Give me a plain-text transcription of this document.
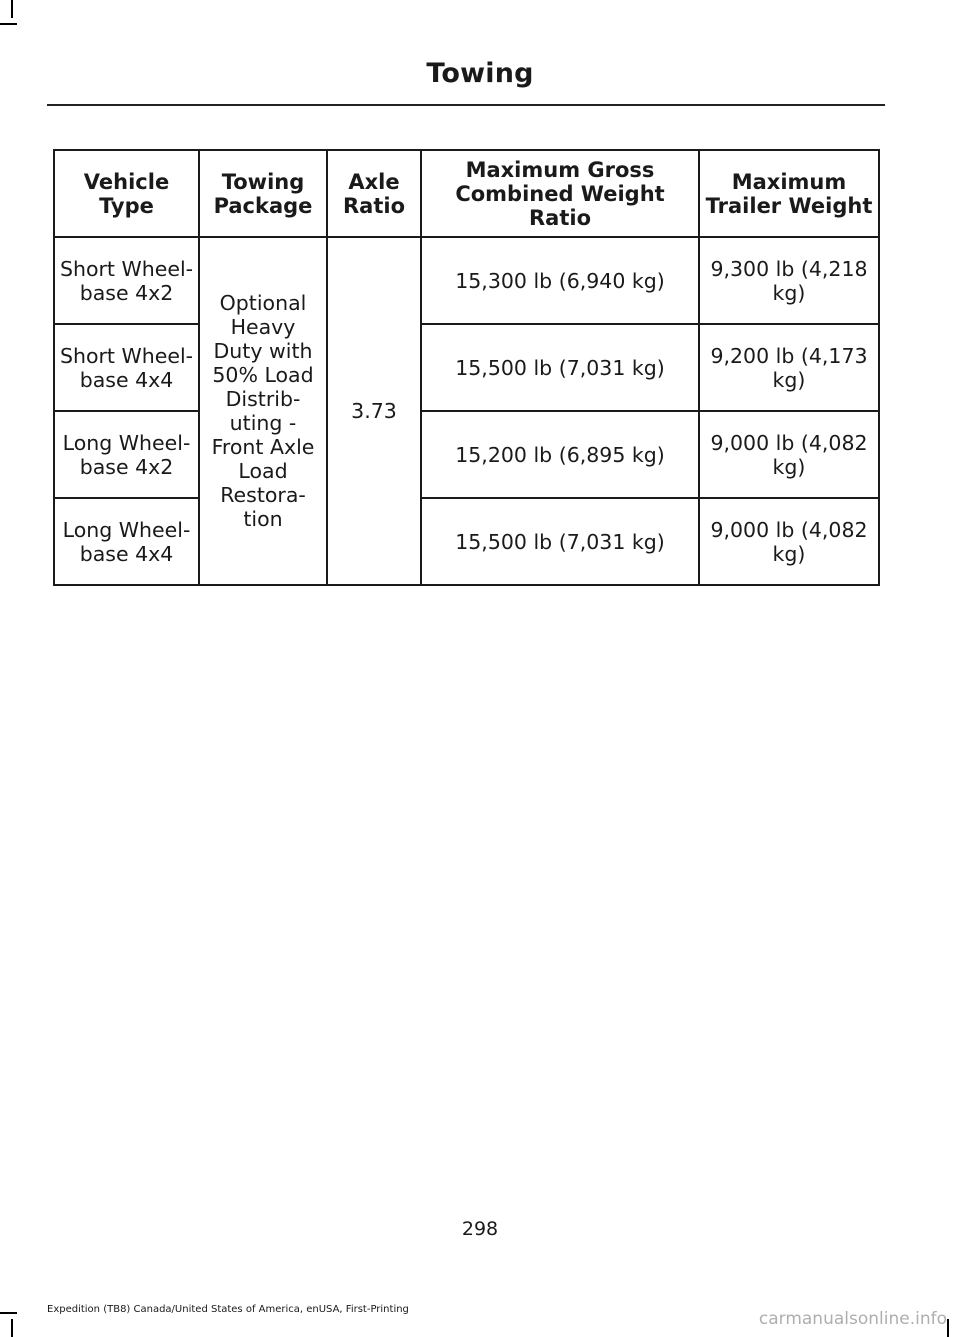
Towing
Vehicle Type	Towing Package	Axle Ratio	Maximum Gross Combined Weight Ratio	Maximum Trailer Weight
Short Wheel- base 4x2	Optional Heavy Duty with 50% Load Distrib- uting - Front Axle Load Restora- tion	3.73	15,300 lb (6,940 kg)	9,300 lb (4,218 kg)
Short Wheel- base 4x4			15,500 lb (7,031 kg)	9,200 lb (4,173 kg)
Long Wheel- base 4x2			15,200 lb (6,895 kg)	9,000 lb (4,082 kg)
Long Wheel- base 4x4			15,500 lb (7,031 kg)	9,000 lb (4,082 kg)
298
Expedition (TB8) Canada/United States of America, enUSA, First-Printing	carmanualsonline.info
